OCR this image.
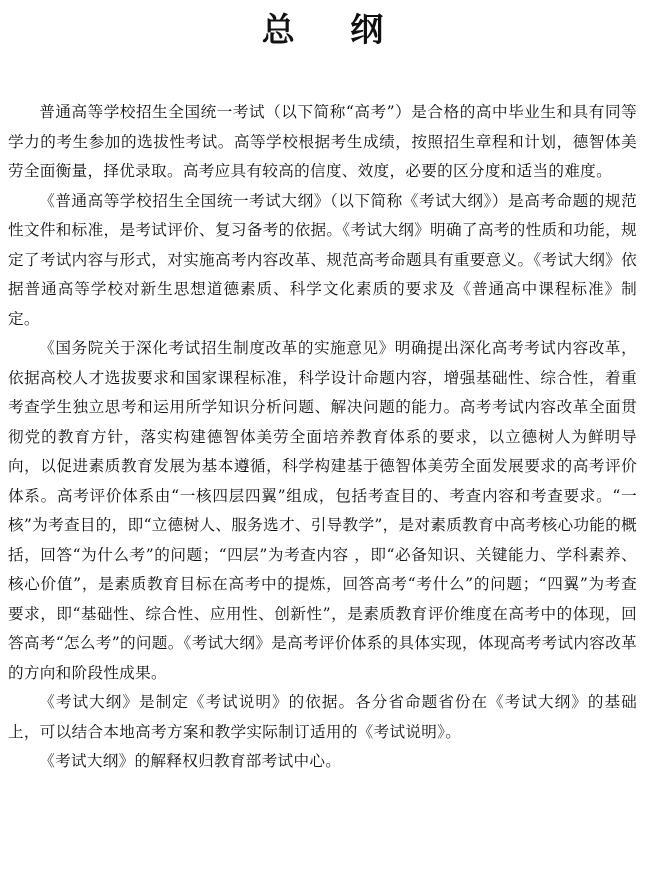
总 纲

普通高等学校招生全国统一考试（以下简称“高考”）是合格的高中毕业生和具有同等学力的考生参加的选拔性考试。高等学校根据考生成绩，按照招生章程和计划，德智体美劳全面衡量，择优录取。高考应具有较高的信度、效度，必要的区分度和适当的难度。

《普通高等学校招生全国统一考试大纲》（以下简称《考试大纲》）是高考命题的规范性文件和标准，是考试评价、复习备考的依据。《考试大纲》明确了高考的性质和功能，规定了考试内容与形式，对实施高考内容改革、规范高考命题具有重要意义。《考试大纲》依据普通高等学校对新生思想道德素质、科学文化素质的要求及《普通高中课程标准》制定。

《国务院关于深化考试招生制度改革的实施意见》明确提出深化高考考试内容改革，依据高校人才选拔要求和国家课程标准，科学设计命题内容，增强基础性、综合性，着重考查学生独立思考和运用所学知识分析问题、解决问题的能力。高考考试内容改革全面贯彻党的教育方针，落实构建德智体美劳全面培养教育体系的要求，以立德树人为鲜明导向，以促进素质教育发展为基本遵循，科学构建基于德智体美劳全面发展要求的高考评价体系。高考评价体系由“一核四层四翼”组成，包括考查目的、考查内容和考查要求。“一核”为考查目的，即“立德树人、服务选才、引导教学”，是对素质教育中高考核心功能的概括，回答“为什么考”的问题；“四层”为考查内容 ，即“必备知识、关键能力、学科素养、核心价值”，是素质教育目标在高考中的提炼，回答高考“考什么”的问题；“四翼”为考查要求，即“基础性、综合性、应用性、创新性”，是素质教育评价维度在高考中的体现，回答高考“怎么考”的问题。《考试大纲》是高考评价体系的具体实现，体现高考考试内容改革的方向和阶段性成果。

《考试大纲》是制定《考试说明》的依据。各分省命题省份在《考试大纲》的基础上，可以结合本地高考方案和教学实际制订适用的《考试说明》。

《考试大纲》的解释权归教育部考试中心。
